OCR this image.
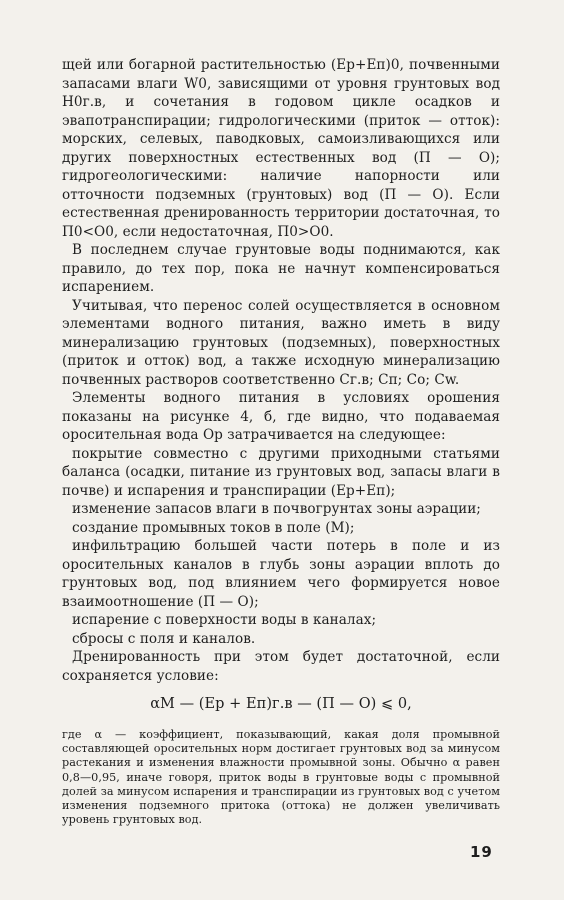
щей или богарной растительностью (Eр+Eп)0, почвенными запасами влаги W0, зависящими от уровня грунтовых вод H0г.в, и сочетания в годовом цикле осадков и эвапотранспирации; гидрологическими (приток — отток): морских, селевых, паводковых, самоизливающихся или других поверхностных естественных вод (П — О); гидрогеологическими: наличие напорности или отточности подземных (грунтовых) вод (П — О). Если естественная дренированность территории достаточная, то П0<О0, если недостаточная, П0>О0.

В последнем случае грунтовые воды поднимаются, как правило, до тех пор, пока не начнут компенсироваться испарением.

Учитывая, что перенос солей осуществляется в основном элементами водного питания, важно иметь в виду минерализацию грунтовых (подземных), поверхностных (приток и отток) вод, а также исходную минерализацию почвенных растворов соответственно Cг.в; Cп; Cо; Cw.

Элементы водного питания в условиях орошения показаны на рисунке 4, б, где видно, что подаваемая оросительная вода Ор затрачивается на следующее:

покрытие совместно с другими приходными статьями баланса (осадки, питание из грунтовых вод, запасы влаги в почве) и испарения и транспирации (Eр+Eп);

изменение запасов влаги в почвогрунтах зоны аэрации;

создание промывных токов в поле (М);

инфильтрацию большей части потерь в поле и из оросительных каналов в глубь зоны аэрации вплоть до грунтовых вод, под влиянием чего формируется новое взаимоотношение (П — О);

испарение с поверхности воды в каналах;

сбросы с поля и каналов.

Дренированность при этом будет достаточной, если сохраняется условие:

αM — (Eр + Eп)г.в — (П — О) ⩽ 0,

где α — коэффициент, показывающий, какая доля промывной составляющей оросительных норм достигает грунтовых вод за минусом растекания и изменения влажности промывной зоны. Обычно α равен 0,8—0,95, иначе говоря, приток воды в грунтовые воды с промывной долей за минусом испарения и транспирации из грунтовых вод с учетом изменения подземного притока (оттока) не должен увеличивать уровень грунтовых вод.

19
